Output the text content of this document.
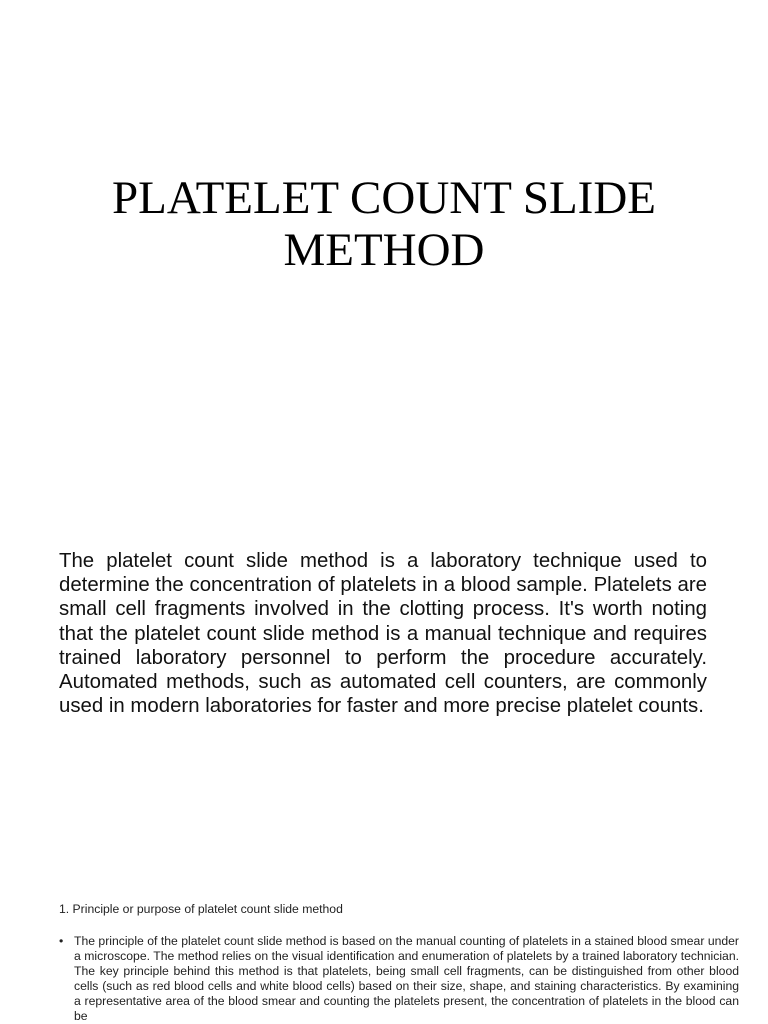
PLATELET COUNT SLIDE METHOD

The platelet count slide method is a laboratory technique used to determine the concentration of platelets in a blood sample. Platelets are small cell fragments involved in the clotting process. It's worth noting that the platelet count slide method is a manual technique and requires trained laboratory personnel to perform the procedure accurately. Automated methods, such as automated cell counters, are commonly used in modern laboratories for faster and more precise platelet counts.

1. Principle or purpose of platelet count slide method

• The principle of the platelet count slide method is based on the manual counting of platelets in a stained blood smear under a microscope. The method relies on the visual identification and enumeration of platelets by a trained laboratory technician. The key principle behind this method is that platelets, being small cell fragments, can be distinguished from other blood cells (such as red blood cells and white blood cells) based on their size, shape, and staining characteristics. By examining a representative area of the blood smear and counting the platelets present, the concentration of platelets in the blood can be
